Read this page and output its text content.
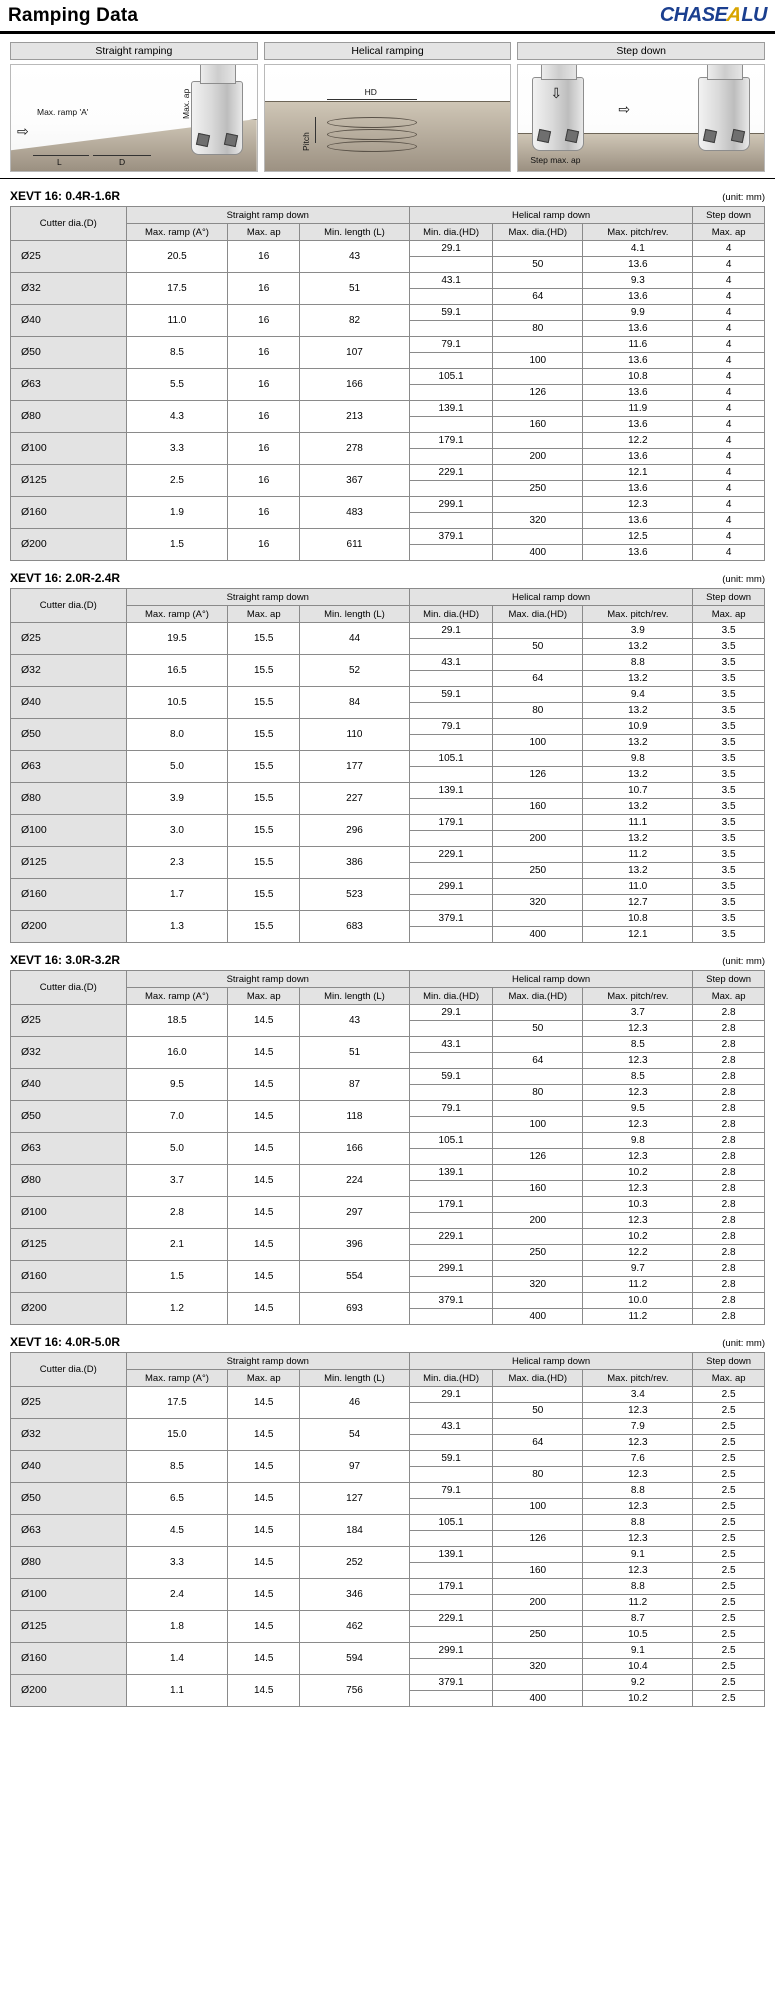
Ramping Data	CHASEALU
Straight ramping
Max. ramp 'A'	Max. ap
L	D
⇨
Helical ramping
HD
Pitch
Step down
⇩
⇨
Step max. ap
XEVT 16: 0.4R-1.6R	(unit: mm)
Cutter dia.(D)	Straight ramp down			Helical ramp down			Step down
	Max. ramp (A°)	Max. ap	Min. length (L)	Min. dia.(HD)	Max. dia.(HD)	Max. pitch/rev.	Max. ap
Ø25	20.5	16	43	29.1		4.1	4
					50	13.6	4
Ø32	17.5	16	51	43.1		9.3	4
					64	13.6	4
Ø40	11.0	16	82	59.1		9.9	4
					80	13.6	4
Ø50	8.5	16	107	79.1		11.6	4
					100	13.6	4
Ø63	5.5	16	166	105.1		10.8	4
					126	13.6	4
Ø80	4.3	16	213	139.1		11.9	4
					160	13.6	4
Ø100	3.3	16	278	179.1		12.2	4
					200	13.6	4
Ø125	2.5	16	367	229.1		12.1	4
					250	13.6	4
Ø160	1.9	16	483	299.1		12.3	4
					320	13.6	4
Ø200	1.5	16	611	379.1		12.5	4
					400	13.6	4
XEVT 16: 2.0R-2.4R	(unit: mm)
Cutter dia.(D)	Straight ramp down			Helical ramp down			Step down
	Max. ramp (A°)	Max. ap	Min. length (L)	Min. dia.(HD)	Max. dia.(HD)	Max. pitch/rev.	Max. ap
Ø25	19.5	15.5	44	29.1		3.9	3.5
					50	13.2	3.5
Ø32	16.5	15.5	52	43.1		8.8	3.5
					64	13.2	3.5
Ø40	10.5	15.5	84	59.1		9.4	3.5
					80	13.2	3.5
Ø50	8.0	15.5	110	79.1		10.9	3.5
					100	13.2	3.5
Ø63	5.0	15.5	177	105.1		9.8	3.5
					126	13.2	3.5
Ø80	3.9	15.5	227	139.1		10.7	3.5
					160	13.2	3.5
Ø100	3.0	15.5	296	179.1		11.1	3.5
					200	13.2	3.5
Ø125	2.3	15.5	386	229.1		11.2	3.5
					250	13.2	3.5
Ø160	1.7	15.5	523	299.1		11.0	3.5
					320	12.7	3.5
Ø200	1.3	15.5	683	379.1		10.8	3.5
					400	12.1	3.5
XEVT 16: 3.0R-3.2R	(unit: mm)
Cutter dia.(D)	Straight ramp down			Helical ramp down			Step down
	Max. ramp (A°)	Max. ap	Min. length (L)	Min. dia.(HD)	Max. dia.(HD)	Max. pitch/rev.	Max. ap
Ø25	18.5	14.5	43	29.1		3.7	2.8
					50	12.3	2.8
Ø32	16.0	14.5	51	43.1		8.5	2.8
					64	12.3	2.8
Ø40	9.5	14.5	87	59.1		8.5	2.8
					80	12.3	2.8
Ø50	7.0	14.5	118	79.1		9.5	2.8
					100	12.3	2.8
Ø63	5.0	14.5	166	105.1		9.8	2.8
					126	12.3	2.8
Ø80	3.7	14.5	224	139.1		10.2	2.8
					160	12.3	2.8
Ø100	2.8	14.5	297	179.1		10.3	2.8
					200	12.3	2.8
Ø125	2.1	14.5	396	229.1		10.2	2.8
					250	12.2	2.8
Ø160	1.5	14.5	554	299.1		9.7	2.8
					320	11.2	2.8
Ø200	1.2	14.5	693	379.1		10.0	2.8
					400	11.2	2.8
XEVT 16: 4.0R-5.0R	(unit: mm)
Cutter dia.(D)	Straight ramp down			Helical ramp down			Step down
	Max. ramp (A°)	Max. ap	Min. length (L)	Min. dia.(HD)	Max. dia.(HD)	Max. pitch/rev.	Max. ap
Ø25	17.5	14.5	46	29.1		3.4	2.5
					50	12.3	2.5
Ø32	15.0	14.5	54	43.1		7.9	2.5
					64	12.3	2.5
Ø40	8.5	14.5	97	59.1		7.6	2.5
					80	12.3	2.5
Ø50	6.5	14.5	127	79.1		8.8	2.5
					100	12.3	2.5
Ø63	4.5	14.5	184	105.1		8.8	2.5
					126	12.3	2.5
Ø80	3.3	14.5	252	139.1		9.1	2.5
					160	12.3	2.5
Ø100	2.4	14.5	346	179.1		8.8	2.5
					200	11.2	2.5
Ø125	1.8	14.5	462	229.1		8.7	2.5
					250	10.5	2.5
Ø160	1.4	14.5	594	299.1		9.1	2.5
					320	10.4	2.5
Ø200	1.1	14.5	756	379.1		9.2	2.5
					400	10.2	2.5
